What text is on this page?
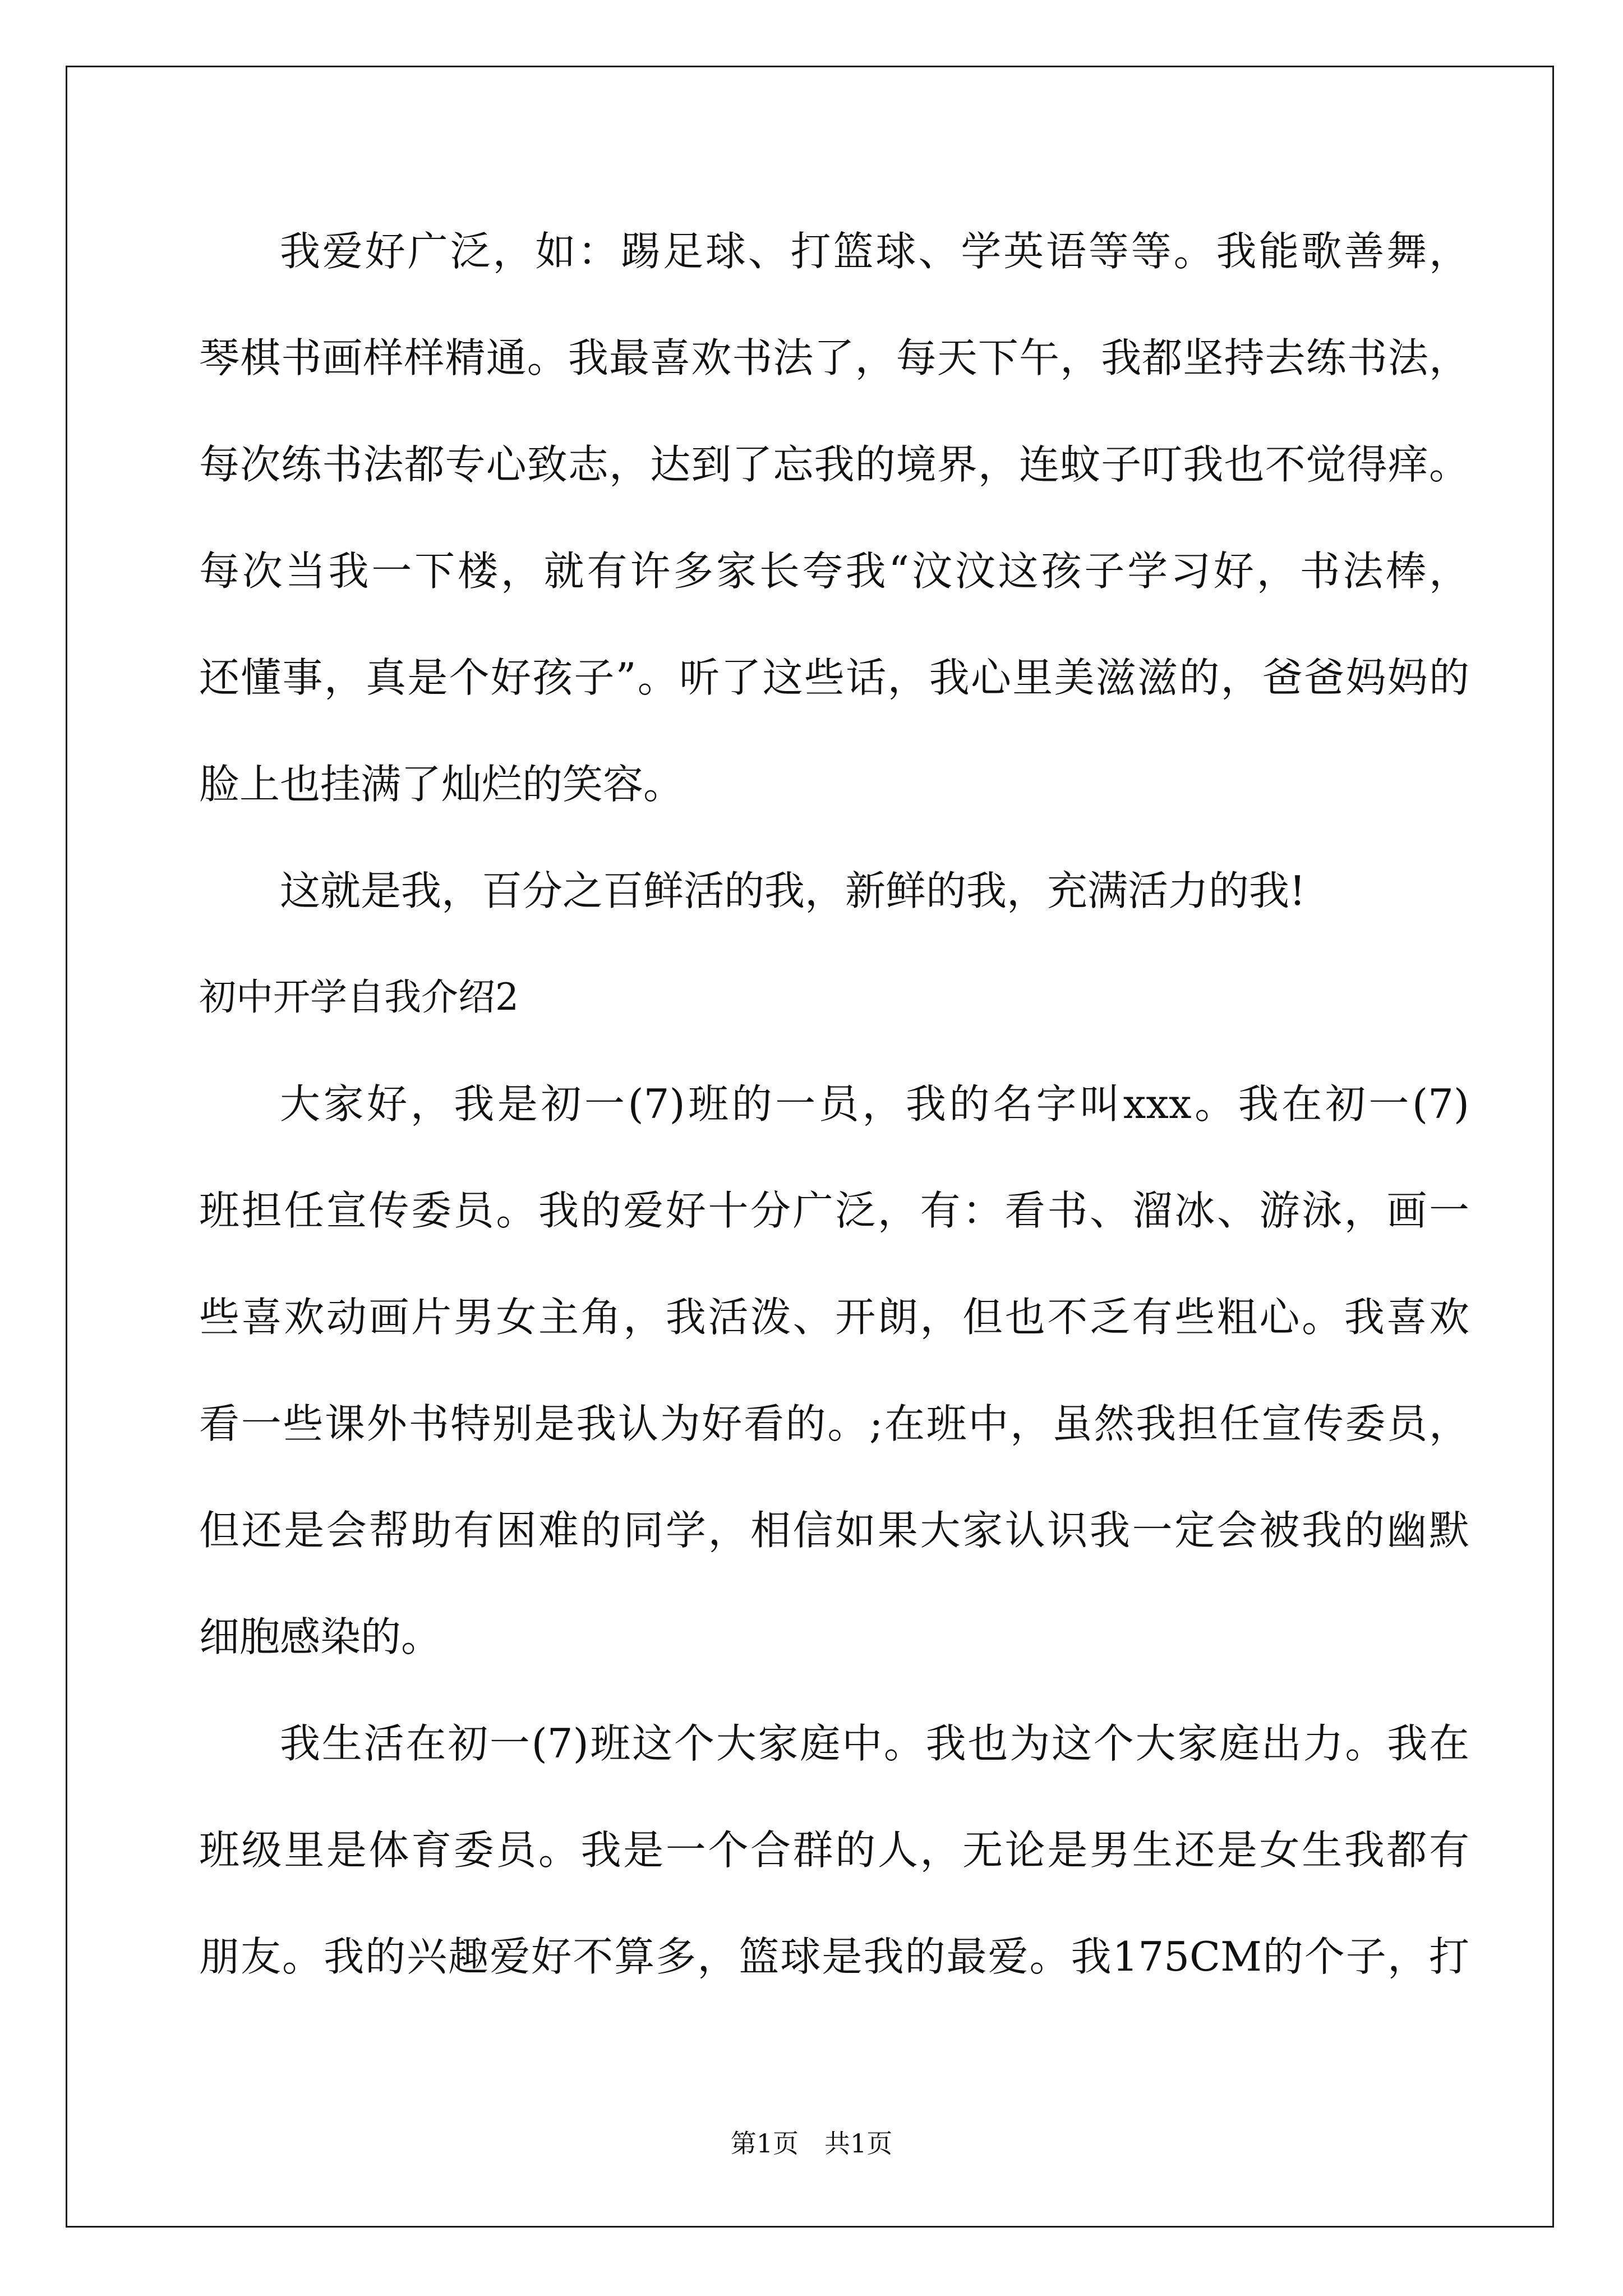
我爱好广泛，如：踢足球、打篮球、学英语等等。我能歌善舞，
琴棋书画样样精通。我最喜欢书法了，每天下午，我都坚持去练书法，
每次练书法都专心致志，达到了忘我的境界，连蚊子叮我也不觉得痒。
每次当我一下楼，就有许多家长夸我“汶汶这孩子学习好，书法棒，
还懂事，真是个好孩子”。听了这些话，我心里美滋滋的，爸爸妈妈的
脸上也挂满了灿烂的笑容。
这就是我，百分之百鲜活的我，新鲜的我，充满活力的我!
初中开学自我介绍2
大家好，我是初一(7)班的一员，我的名字叫xxx。我在初一(7)
班担任宣传委员。我的爱好十分广泛，有：看书、溜冰、游泳，画一
些喜欢动画片男女主角，我活泼、开朗，但也不乏有些粗心。我喜欢
看一些课外书特别是我认为好看的。;在班中，虽然我担任宣传委员，
但还是会帮助有困难的同学，相信如果大家认识我一定会被我的幽默
细胞感染的。
我生活在初一(7)班这个大家庭中。我也为这个大家庭出力。我在
班级里是体育委员。我是一个合群的人，无论是男生还是女生我都有
朋友。我的兴趣爱好不算多，篮球是我的最爱。我175CM的个子，打
第1页　共1页
